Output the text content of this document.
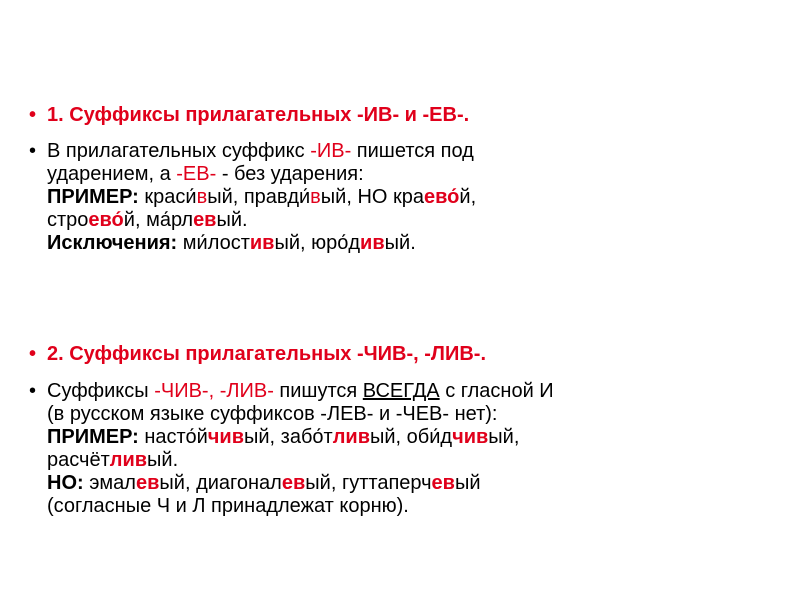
• 1. Суффиксы прилагательных -ИВ- и -ЕВ-.
• В прилагательных суффикс -ИВ- пишется под
ударением, а -ЕВ- - без ударения:
ПРИМЕР: краси́вый, правди́вый, НО краево́й,
строево́й, ма́рлевый.
Исключения: ми́лостивый, юро́дивый.
• 2. Суффиксы прилагательных -ЧИВ-, -ЛИВ-.
• Суффиксы -ЧИВ-, -ЛИВ- пишутся ВСЕГДА с гласной И
(в русском языке суффиксов -ЛЕВ- и -ЧЕВ- нет):
ПРИМЕР: насто́йчивый, забо́тливый, оби́дчивый,
расчётливый.
НО: эмалевый, диагоналевый, гуттаперчевый
(согласные Ч и Л принадлежат корню).
